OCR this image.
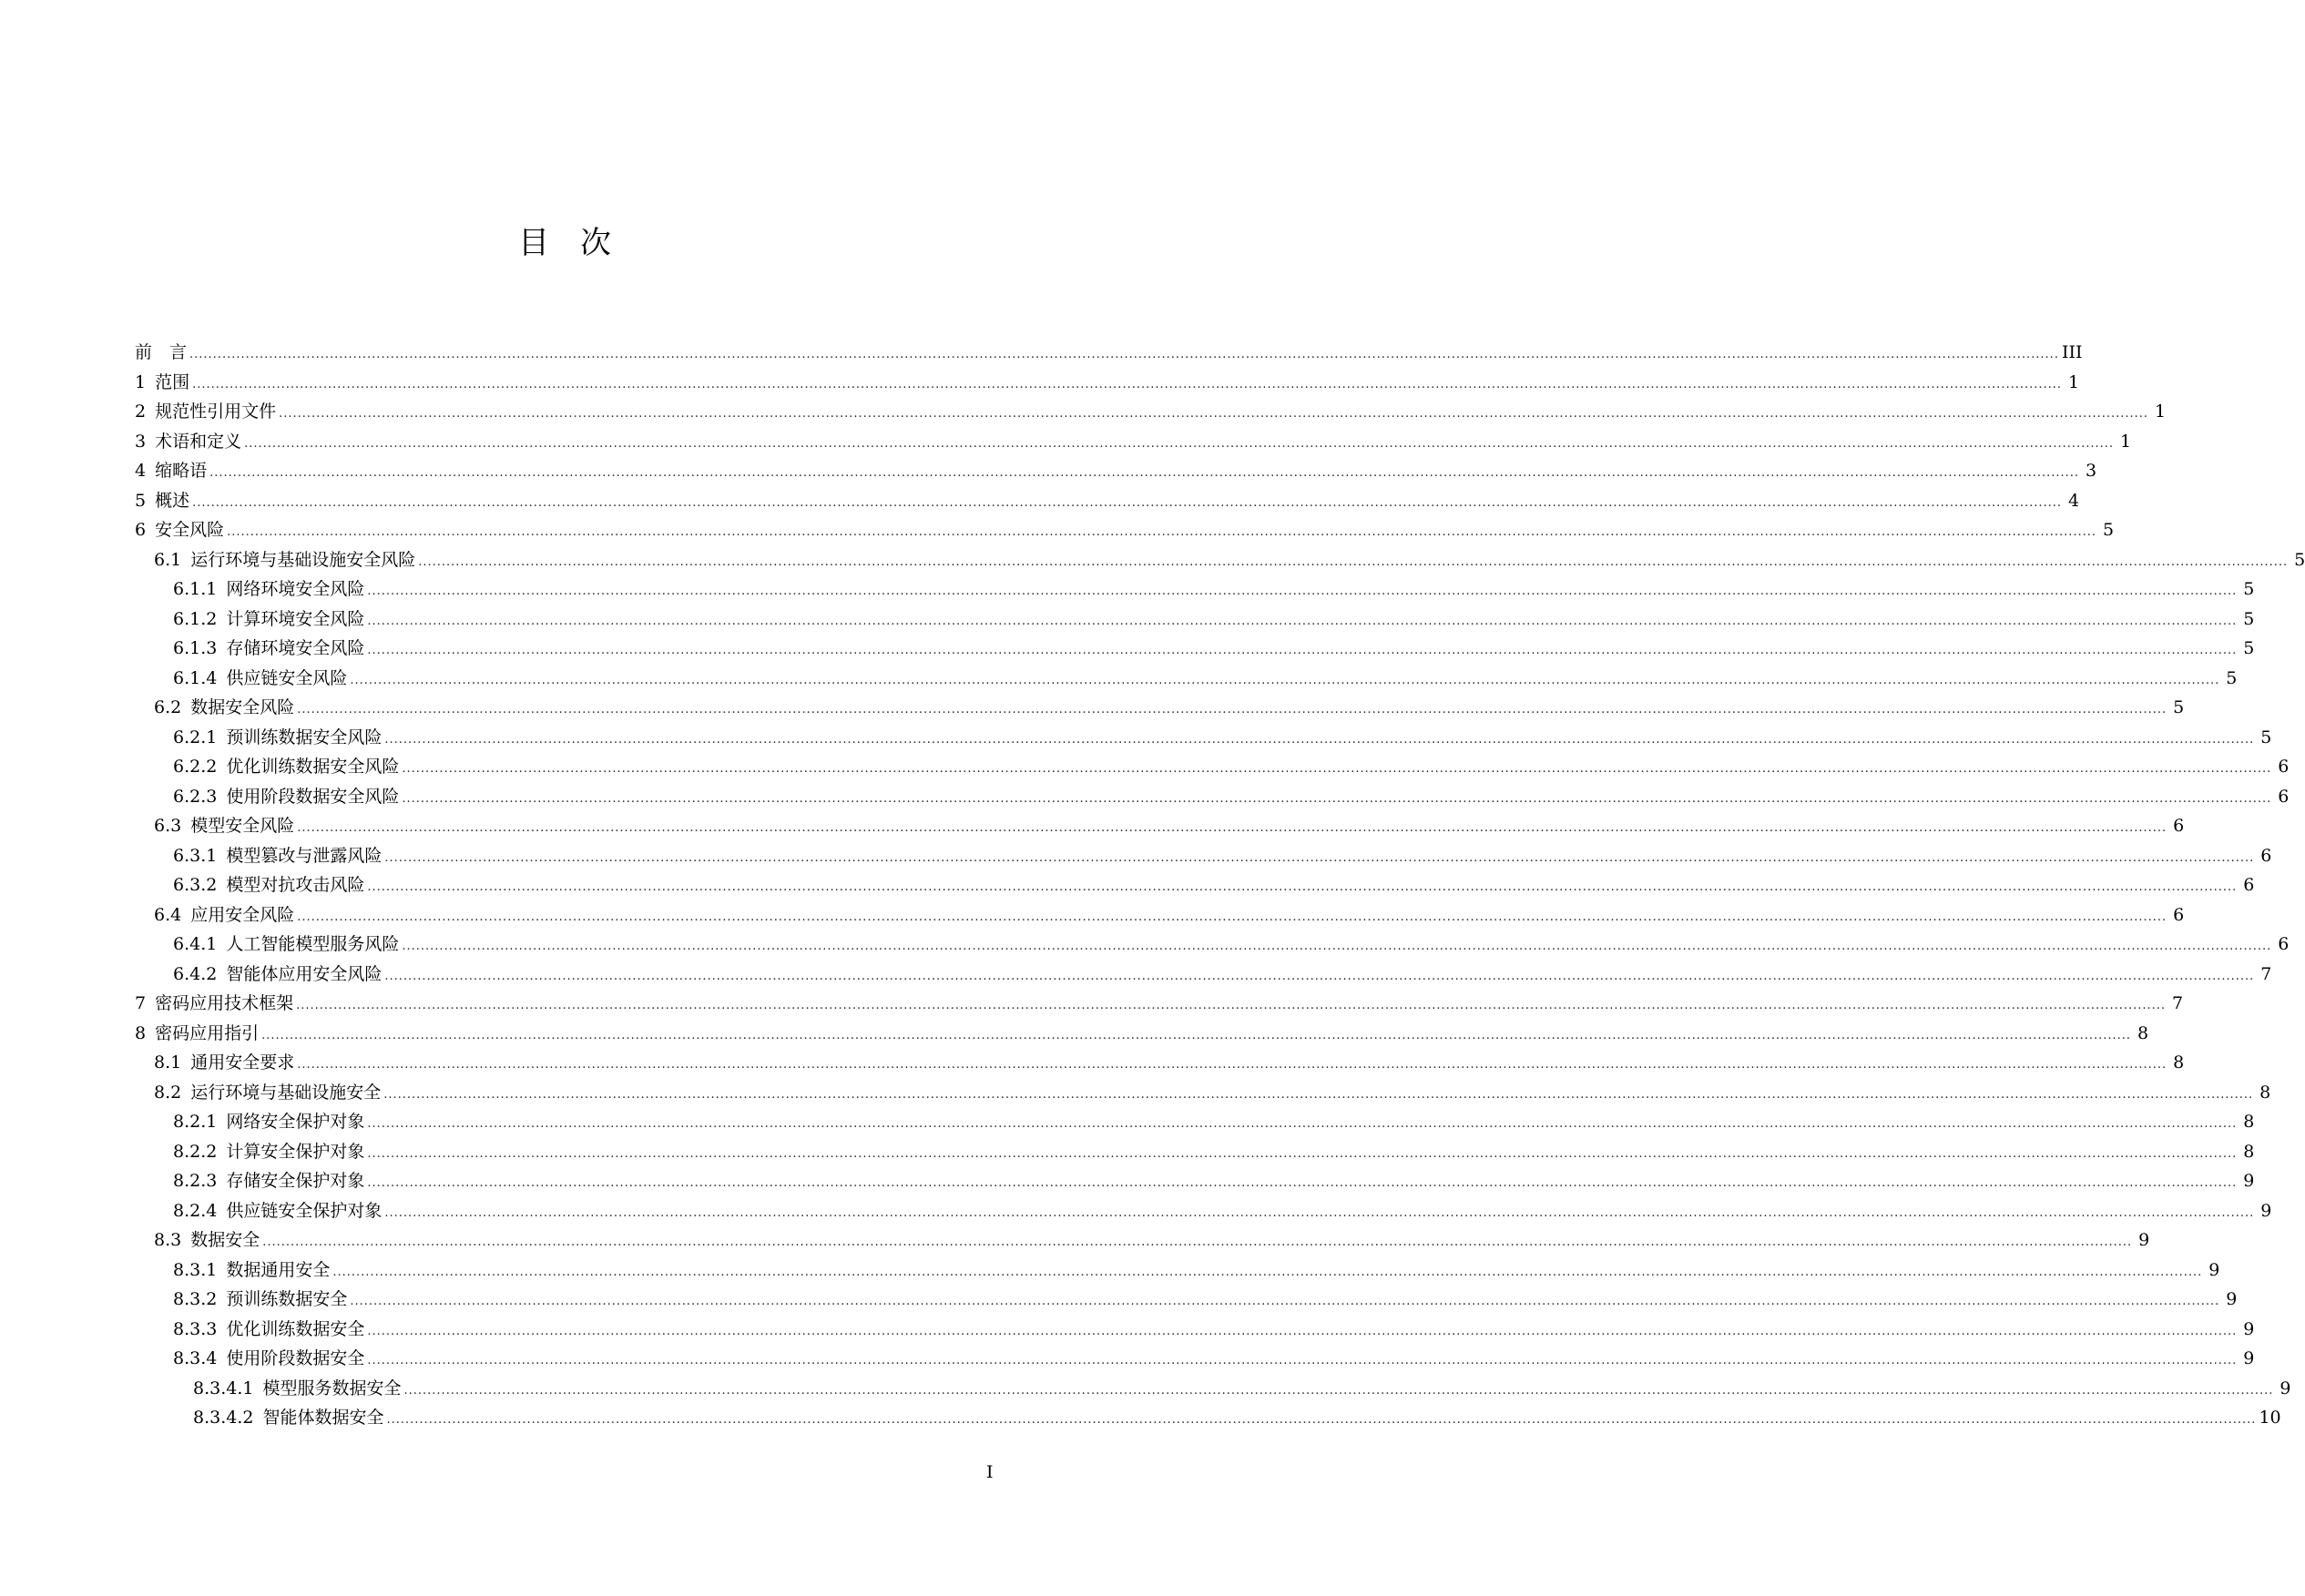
目　次
前　言 ................................................................................................................................................................................................................................................................................................................................................................................................................ III
1 范围 ................................................................................................................................................................................................................................................................................................................................................................................................................ 1
2 规范性引用文件 ................................................................................................................................................................................................................................................................................................................................................................................................................ 1
3 术语和定义 ................................................................................................................................................................................................................................................................................................................................................................................................................ 1
4 缩略语 ................................................................................................................................................................................................................................................................................................................................................................................................................ 3
5 概述 ................................................................................................................................................................................................................................................................................................................................................................................................................ 4
6 安全风险 ................................................................................................................................................................................................................................................................................................................................................................................................................ 5
6.1 运行环境与基础设施安全风险 ................................................................................................................................................................................................................................................................................................................................................................................................................ 5
6.1.1 网络环境安全风险 ................................................................................................................................................................................................................................................................................................................................................................................................................ 5
6.1.2 计算环境安全风险 ................................................................................................................................................................................................................................................................................................................................................................................................................ 5
6.1.3 存储环境安全风险 ................................................................................................................................................................................................................................................................................................................................................................................................................ 5
6.1.4 供应链安全风险 ................................................................................................................................................................................................................................................................................................................................................................................................................ 5
6.2 数据安全风险 ................................................................................................................................................................................................................................................................................................................................................................................................................ 5
6.2.1 预训练数据安全风险 ................................................................................................................................................................................................................................................................................................................................................................................................................ 5
6.2.2 优化训练数据安全风险 ................................................................................................................................................................................................................................................................................................................................................................................................................ 6
6.2.3 使用阶段数据安全风险 ................................................................................................................................................................................................................................................................................................................................................................................................................ 6
6.3 模型安全风险 ................................................................................................................................................................................................................................................................................................................................................................................................................ 6
6.3.1 模型篡改与泄露风险 ................................................................................................................................................................................................................................................................................................................................................................................................................ 6
6.3.2 模型对抗攻击风险 ................................................................................................................................................................................................................................................................................................................................................................................................................ 6
6.4 应用安全风险 ................................................................................................................................................................................................................................................................................................................................................................................................................ 6
6.4.1 人工智能模型服务风险 ................................................................................................................................................................................................................................................................................................................................................................................................................ 6
6.4.2 智能体应用安全风险 ................................................................................................................................................................................................................................................................................................................................................................................................................ 7
7 密码应用技术框架 ................................................................................................................................................................................................................................................................................................................................................................................................................ 7
8 密码应用指引 ................................................................................................................................................................................................................................................................................................................................................................................................................ 8
8.1 通用安全要求 ................................................................................................................................................................................................................................................................................................................................................................................................................ 8
8.2 运行环境与基础设施安全 ................................................................................................................................................................................................................................................................................................................................................................................................................ 8
8.2.1 网络安全保护对象 ................................................................................................................................................................................................................................................................................................................................................................................................................ 8
8.2.2 计算安全保护对象 ................................................................................................................................................................................................................................................................................................................................................................................................................ 8
8.2.3 存储安全保护对象 ................................................................................................................................................................................................................................................................................................................................................................................................................ 9
8.2.4 供应链安全保护对象 ................................................................................................................................................................................................................................................................................................................................................................................................................ 9
8.3 数据安全 ................................................................................................................................................................................................................................................................................................................................................................................................................ 9
8.3.1 数据通用安全 ................................................................................................................................................................................................................................................................................................................................................................................................................ 9
8.3.2 预训练数据安全 ................................................................................................................................................................................................................................................................................................................................................................................................................ 9
8.3.3 优化训练数据安全 ................................................................................................................................................................................................................................................................................................................................................................................................................ 9
8.3.4 使用阶段数据安全 ................................................................................................................................................................................................................................................................................................................................................................................................................ 9
8.3.4.1 模型服务数据安全 ................................................................................................................................................................................................................................................................................................................................................................................................................ 9
8.3.4.2 智能体数据安全 ................................................................................................................................................................................................................................................................................................................................................................................................................ 10
I
